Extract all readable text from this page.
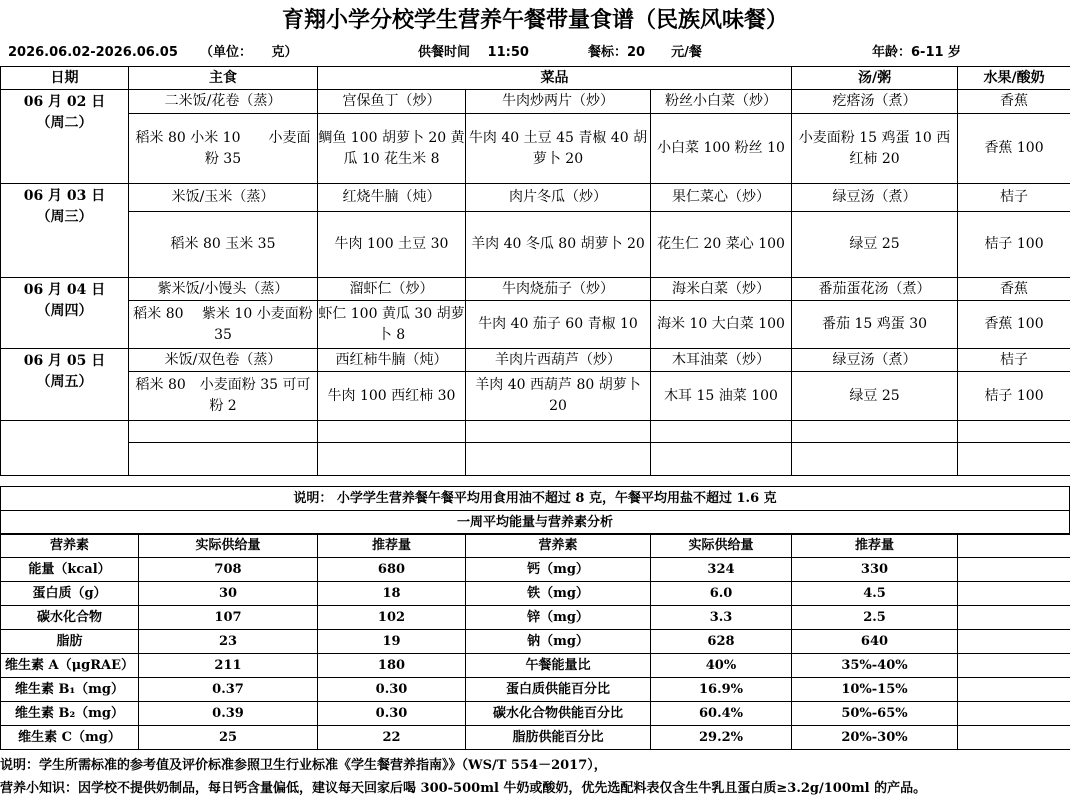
育翔小学分校学生营养午餐带量食谱（民族风味餐）
2026.06.02-2026.06.05 （单位：　　克）	供餐时间　 11:50	餐标：20　　元/餐	年龄：6-11 岁
日期	主食	菜品			汤/粥	水果/酸奶

06 月 02 日
（周二）	二米饭/花卷（蒸）	宫保鱼丁（炒）	牛肉炒两片（炒）	粉丝小白菜（炒）	疙瘩汤（煮）	香蕉
	稻米 80 小米 10　　小麦面粉 35	鲷鱼 100 胡萝卜 20 黄瓜 10 花生米 8	牛肉 40 土豆 45 青椒 40 胡萝卜 20	小白菜 100 粉丝 10	小麦面粉 15 鸡蛋 10 西红柿 20	香蕉 100

06 月 03 日
（周三）	米饭/玉米（蒸）	红烧牛腩（炖）	肉片冬瓜（炒）	果仁菜心（炒）	绿豆汤（煮）	桔子
	稻米 80 玉米 35	牛肉 100 土豆 30	羊肉 40 冬瓜 80 胡萝卜 20	花生仁 20 菜心 100	绿豆 25	桔子 100

06 月 04 日
（周四）	紫米饭/小馒头（蒸）	溜虾仁（炒）	牛肉烧茄子（炒）	海米白菜（炒）	番茄蛋花汤（煮）	香蕉
	稻米 80　 紫米 10 小麦面粉 35	虾仁 100 黄瓜 30 胡萝卜 8	牛肉 40 茄子 60 青椒 10	海米 10 大白菜 100	番茄 15 鸡蛋 30	香蕉 100

06 月 05 日
（周五）	米饭/双色卷（蒸）	西红柿牛腩（炖）	羊肉片西葫芦（炒）	木耳油菜（炒）	绿豆汤（煮）	桔子
	稻米 80　小麦面粉 35 可可粉 2	牛肉 100 西红柿 30	羊肉 40 西葫芦 80 胡萝卜 20	木耳 15 油菜 100	绿豆 25	桔子 100

说明： 小学学生营养餐午餐平均用食用油不超过 8 克，午餐平均用盐不超过 1.6 克
一周平均能量与营养素分析
营养素	实际供给量	推荐量	营养素	实际供给量	推荐量	
能量（kcal）	708	680	钙（mg）	324	330	
蛋白质（g）	30	18	铁（mg）	6.0	4.5	
碳水化合物	107	102	锌（mg）	3.3	2.5	
脂肪	23	19	钠（mg）	628	640	
维生素 A（μgRAE）	211	180	午餐能量比	40%	35%-40%	
维生素 B₁（mg）	0.37	0.30	蛋白质供能百分比	16.9%	10%-15%	
维生素 B₂（mg）	0.39	0.30	碳水化合物供能百分比	60.4%	50%-65%	
维生素 C（mg）	25	22	脂肪供能百分比	29.2%	20%-30%	
说明：学生所需标准的参考值及评价标准参照卫生行业标准《学生餐营养指南》》（WS/T 554－2017），
营养小知识：因学校不提供奶制品，每日钙含量偏低，建议每天回家后喝 300-500ml 牛奶或酸奶，优先选配料表仅含生牛乳且蛋白质≥3.2g/100ml 的产品。
